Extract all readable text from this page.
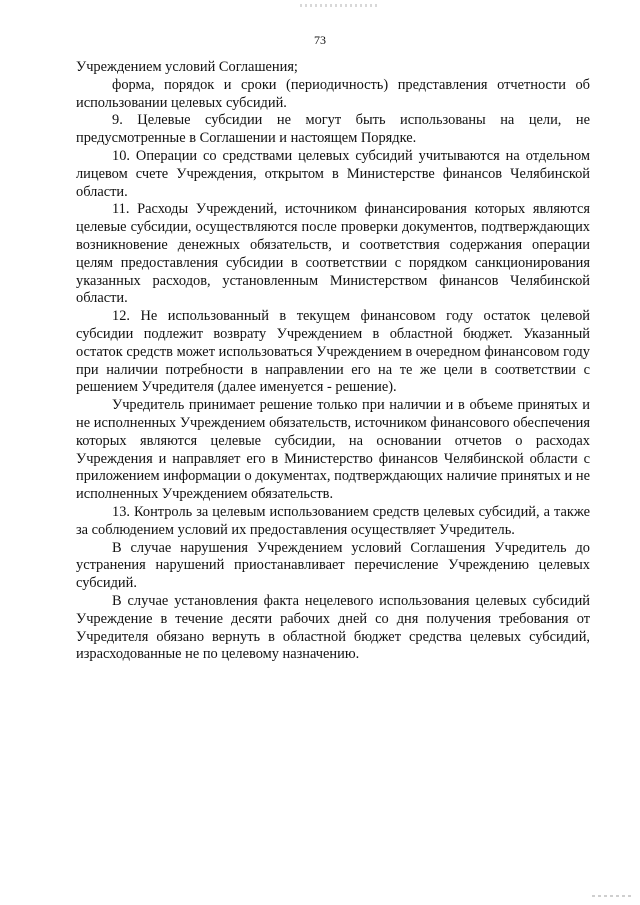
73

Учреждением условий Соглашения;

форма, порядок и сроки (периодичность) представления отчетности об использовании целевых субсидий.

9. Целевые субсидии не могут быть использованы на цели, не предусмотренные в Соглашении и настоящем Порядке.

10. Операции со средствами целевых субсидий учитываются на отдельном лицевом счете Учреждения, открытом в Министерстве финансов Челябинской области.

11. Расходы Учреждений, источником финансирования которых являются целевые субсидии, осуществляются после проверки документов, подтверждающих возникновение денежных обязательств, и соответствия содержания операции целям предоставления субсидии в соответствии с порядком санкционирования указанных расходов, установленным Министерством финансов Челябинской области.

12. Не использованный в текущем финансовом году остаток целевой субсидии подлежит возврату Учреждением в областной бюджет. Указанный остаток средств может использоваться Учреждением в очередном финансовом году при наличии потребности в направлении его на те же цели в соответствии с решением Учредителя (далее именуется - решение).

Учредитель принимает решение только при наличии и в объеме принятых и не исполненных Учреждением обязательств, источником финансового обеспечения которых являются целевые субсидии, на основании отчетов о расходах Учреждения и направляет его в Министерство финансов Челябинской области с приложением информации о документах, подтверждающих наличие принятых и не исполненных Учреждением обязательств.

13. Контроль за целевым использованием средств целевых субсидий, а также за соблюдением условий их предоставления осуществляет Учредитель.

В случае нарушения Учреждением условий Соглашения Учредитель до устранения нарушений приостанавливает перечисление Учреждению целевых субсидий.

В случае установления факта нецелевого использования целевых субсидий Учреждение в течение десяти рабочих дней со дня получения требования от Учредителя обязано вернуть в областной бюджет средства целевых субсидий, израсходованные не по целевому назначению.
